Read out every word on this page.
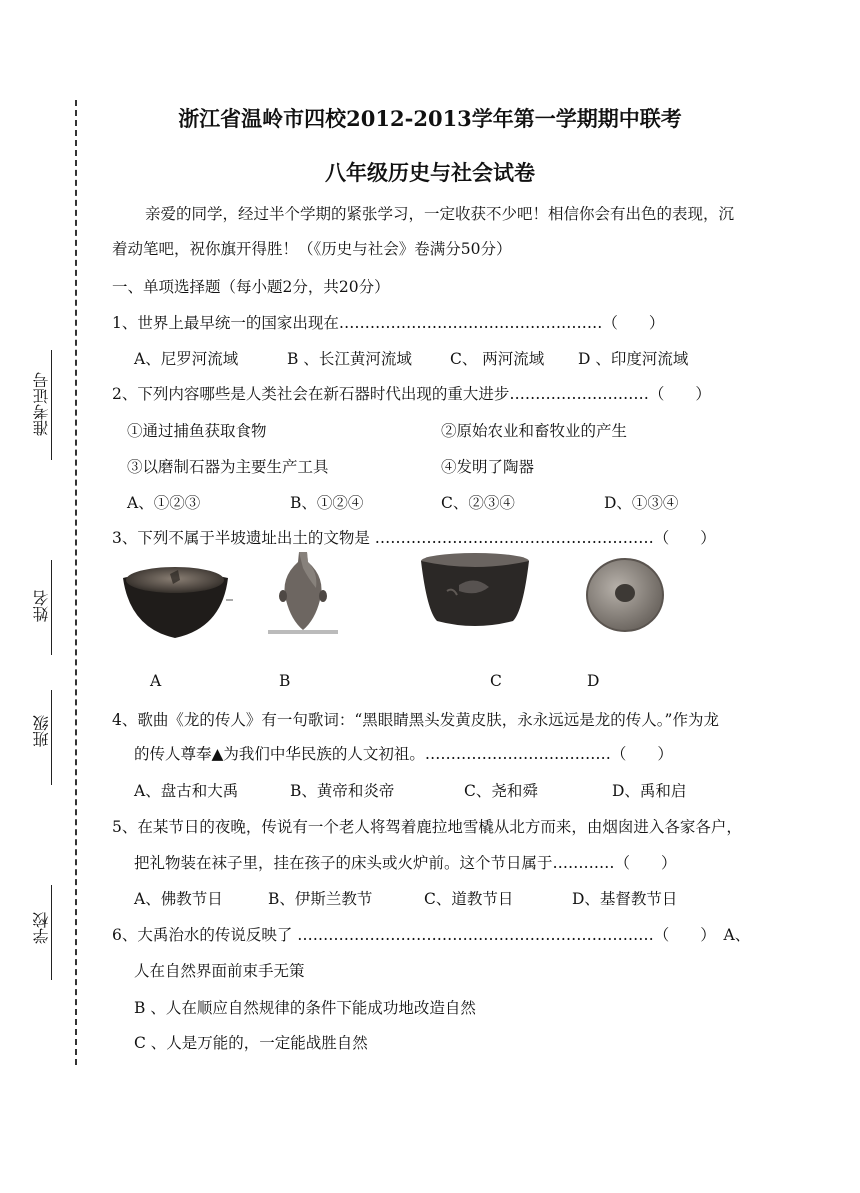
准考证号
姓名
班级
学校
浙江省温岭市四校2012-2013学年第一学期期中联考
八年级历史与社会试卷
亲爱的同学，经过半个学期的紧张学习，一定收获不少吧！相信你会有出色的表现，沉
着动笔吧，祝你旗开得胜！（《历史与社会》卷满分50分）
一、单项选择题（每小题2分，共20分）
1、世界上最早统一的国家出现在……………………………………………（　　）
A、尼罗河流域	B 、长江黄河流域 C、 两河流域 D 、印度河流域
2、下列内容哪些是人类社会在新石器时代出现的重大进步………………………（　　）
①通过捕鱼获取食物	②原始农业和畜牧业的产生
③以磨制石器为主要生产工具	④发明了陶器
A、①②③	B、①②④	C、②③④	D、①③④
3、下列不属于半坡遗址出土的文物是 ………………………………………………（　　）
A	B	C	D
4、歌曲《龙的传人》有一句歌词：“黑眼睛黑头发黄皮肤，永永远远是龙的传人。”作为龙
的传人尊奉▲为我们中华民族的人文初祖。………………………………（　　）
A、盘古和大禹	B、黄帝和炎帝	C、尧和舜	D、禹和启
5、在某节日的夜晚，传说有一个老人将驾着鹿拉地雪橇从北方而来，由烟囱进入各家各户，
把礼物装在袜子里，挂在孩子的床头或火炉前。这个节日属于…………（　　）
A、佛教节日	B、伊斯兰教节	C、道教节日	D、基督教节日
6、大禹治水的传说反映了 ……………………………………………………………（　　）　A、
人在自然界面前束手无策
B 、人在顺应自然规律的条件下能成功地改造自然
C 、人是万能的，一定能战胜自然
